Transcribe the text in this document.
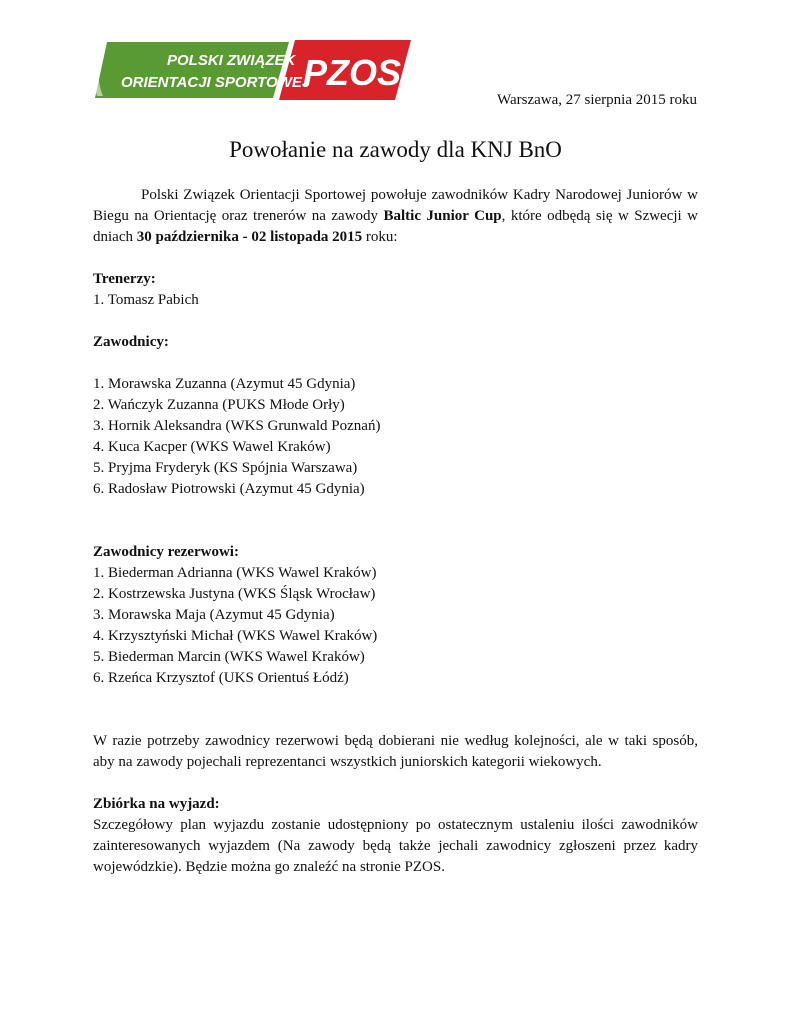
POLSKI ZWIĄZEK
ORIENTACJI SPORTOWEJ
PZOS
Warszawa, 27 sierpnia 2015 roku
Powołanie na zawody dla KNJ BnO

Polski Związek Orientacji Sportowej powołuje zawodników Kadry Narodowej Juniorów w Biegu na Orientację oraz trenerów na zawody Baltic Junior Cup, które odbędą się w Szwecji w dniach 30 października - 02 listopada 2015 roku:

Trenerzy:

1. Tomasz Pabich

Zawodnicy:

1. Morawska Zuzanna (Azymut 45 Gdynia)
2. Wańczyk Zuzanna (PUKS Młode Orły)
3. Hornik Aleksandra (WKS Grunwald Poznań)
4. Kuca Kacper (WKS Wawel Kraków)
5. Pryjma Fryderyk (KS Spójnia Warszawa)
6. Radosław Piotrowski (Azymut 45 Gdynia)

Zawodnicy rezerwowi:

1. Biederman Adrianna (WKS Wawel Kraków)
2. Kostrzewska Justyna (WKS Śląsk Wrocław)
3. Morawska Maja (Azymut 45 Gdynia)
4. Krzysztyński Michał (WKS Wawel Kraków)
5. Biederman Marcin (WKS Wawel Kraków)
6. Rzeńca Krzysztof (UKS Orientuś Łódź)

W razie potrzeby zawodnicy rezerwowi będą dobierani nie według kolejności, ale w taki sposób, aby na zawody pojechali reprezentanci wszystkich juniorskich kategorii wiekowych.

Zbiórka na wyjazd:

Szczegółowy plan wyjazdu zostanie udostępniony po ostatecznym ustaleniu ilości zawodników zainteresowanych wyjazdem (Na zawody będą także jechali zawodnicy zgłoszeni przez kadry wojewódzkie). Będzie można go znaleźć na stronie PZOS.
